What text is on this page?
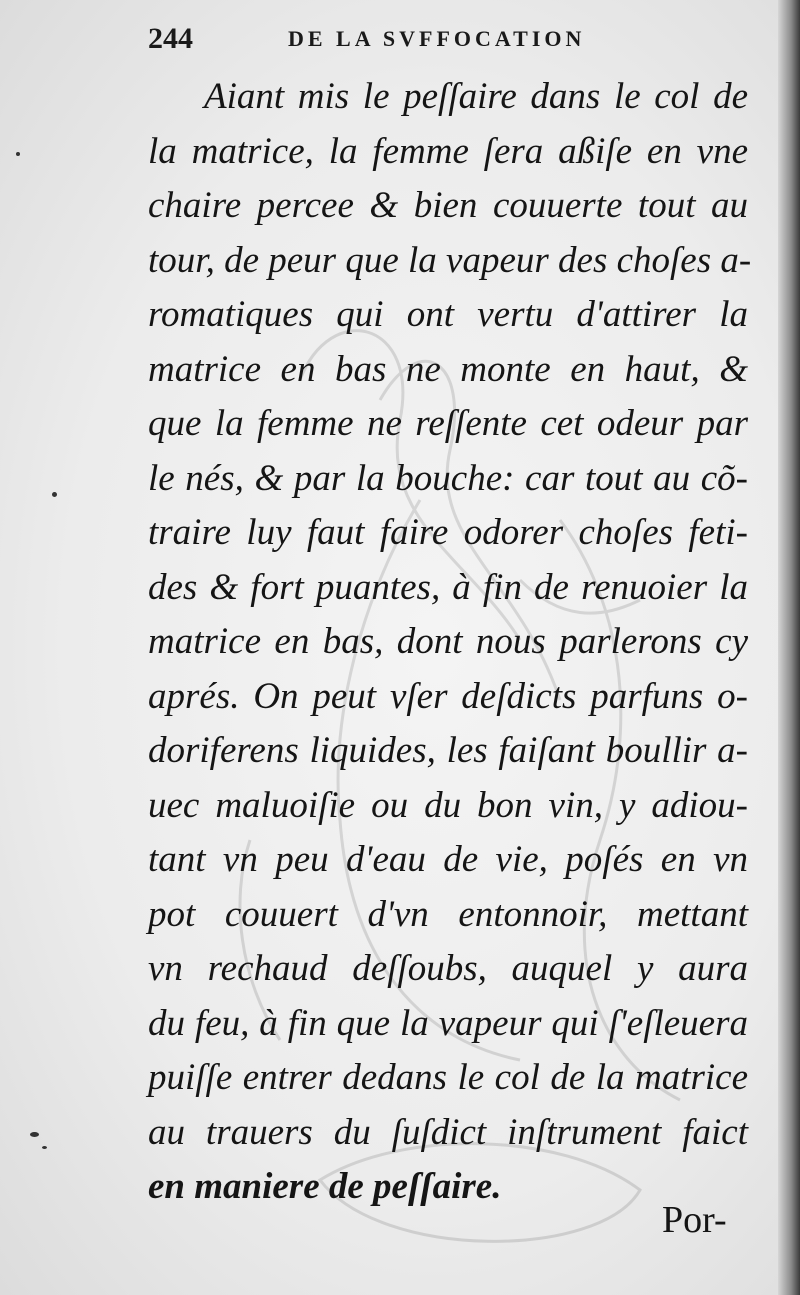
244	DE LA SVFFOCATION
Aiant mis le peſſaire dans le col de
la matrice, la femme ſera aßiſe en vne
chaire percee & bien couuerte tout au
tour, de peur que la vapeur des choſes a-
romatiques qui ont vertu d'attirer la
matrice en bas ne monte en haut, &
que la femme ne reſſente cet odeur par
le nés, & par la bouche: car tout au cõ-
traire luy faut faire odorer choſes feti-
des & fort puantes, à fin de renuoier la
matrice en bas, dont nous parlerons cy
aprés. On peut vſer deſdicts parfuns o-
doriferens liquides, les faiſant boullir a-
uec maluoiſie ou du bon vin, y adiou-
tant vn peu d'eau de vie, poſés en vn
pot couuert d'vn entonnoir, mettant
vn rechaud deſſoubs, auquel y aura
du feu, à fin que la vapeur qui ſ'eſleuera
puiſſe entrer dedans le col de la matrice
au trauers du ſuſdict inſtrument faict
en maniere de peſſaire.
Por-
